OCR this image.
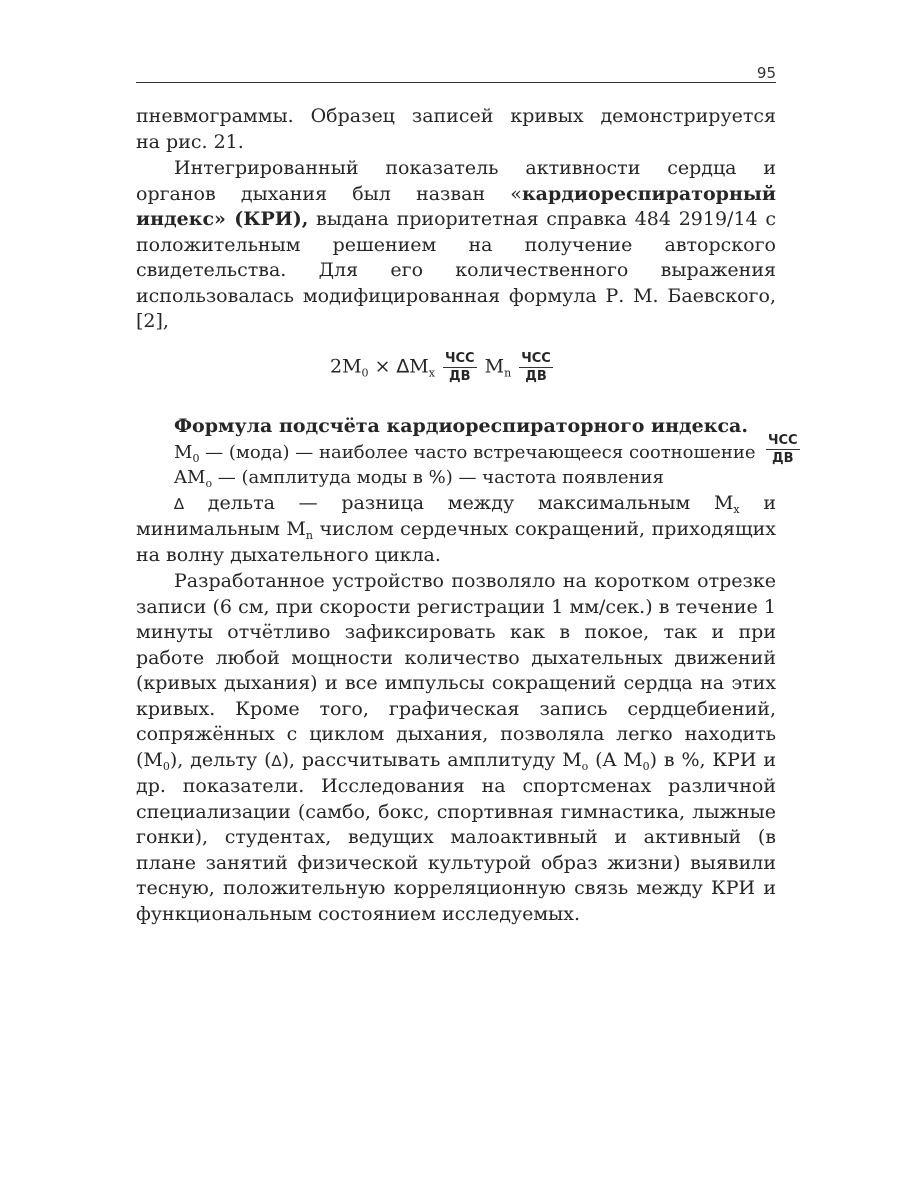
95

пневмограммы. Образец записей кривых демонстрируется

на рис. 21.

Интегрированный показатель активности сердца и органов дыхания был назван «кардиореспираторный индекс» (КРИ), выдана приоритетная справка 484 2919/14 с положительным решением на получение авторского свидетельства. Для его количественного выражения использовалась модифицированная формула Р. М. Баевского, [2],

$2M_0 \times \Delta M_x \frac{\text{ЧСС}}{ДВ} M_n \frac{\text{ЧСС}}{ДВ}$

Формула подсчёта кардиореспираторного индекса.

$M_0$ — (мода) — наиболее часто встречающееся соотношение

$AM_o$ — (амплитуда моды в %) — частота появления

∆ дельта — разница между максимальным $M_x$ и минимальным $M_n$ числом сердечных сокращений, приходящих на волну дыхательного цикла.

$\frac{\text{ЧСС}}{ДВ}$

Разработанное устройство позволяло на коротком отрезке записи (6 см, при скорости регистрации 1 мм/сек.) в течение 1 минуты отчётливо зафиксировать как в покое, так и при работе любой мощности количество дыхательных движений (кривых дыхания) и все импульсы сокращений сердца на этих кривых. Кроме того, графическая запись сердцебиений, сопряжённых с циклом дыхания, позволяла легко находить $(M_0)$, дельту (∆), рассчитывать амплитуду $M_o$ (A $M_0$) в %, КРИ и др. показатели. Исследования на спортсменах различной специализации (самбо, бокс, спортивная гимнастика, лыжные гонки), студентах, ведущих малоактивный и активный (в плане занятий физической культурой образ жизни) выявили тесную, положительную корреляционную связь между КРИ и функциональным состоянием исследуемых.
